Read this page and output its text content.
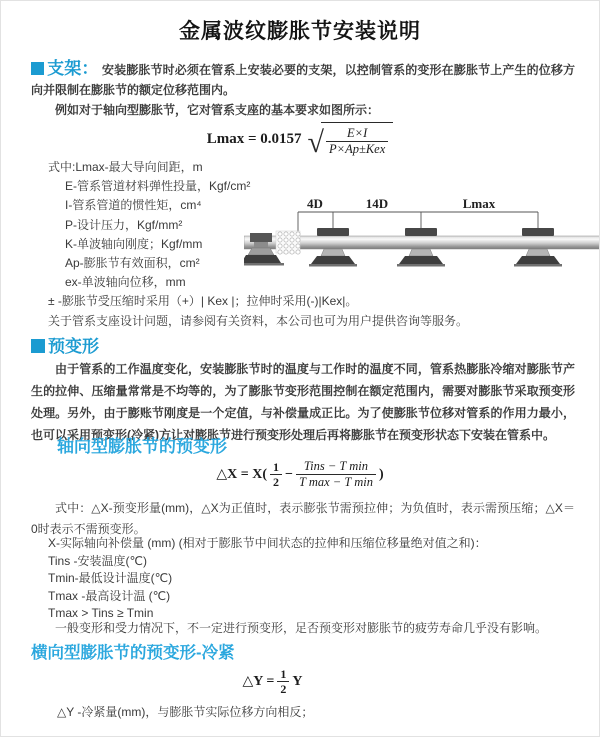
金属波纹膨胀节安装说明
支架： 安装膨胀节时必须在管系上安装必要的支架，以控制管系的变形在膨胀节上产生的位移方向并限制在膨胀节的额定位移范围内。
例如对于轴向型膨胀节，它对管系支座的基本要求如图所示：
Lmax = 0.0157 √ $\frac{E\times I}{\text{P×Ap±Kex}}$
式中:Lmax-最大导向间距，m
E-管系管道材料弹性投量，Kgf/cm²
I-管系管道的惯性矩，cm⁴
P-设计压力，Kgf/mm²
K-单波轴向刚度；Kgf/mm
Ap-膨胀节有效面积，cm²
ex-单波轴向位移，mm
± -膨胀节受压缩时采用（+）| Kex |；拉伸时采用(-)|Kex|。
关于管系支座设计问题，请参阅有关资料，本公司也可为用户提供咨询等服务。
4D	14D	Lmax
预变形
由于管系的工作温度变化，安装膨胀节时的温度与工作时的温度不同，管系热膨胀冷缩对膨胀节产生的拉伸、压缩量常常是不均等的，为了膨胀节变形范围控制在额定范围内，需要对膨胀节采取预变形处理。另外，由于膨账节刚度是一个定值，与补偿量成正比。为了使膨胀节位移对管系的作用力最小，也可以采用预变形(冷紧)方让对膨胀节进行预变形处理后再将膨胀节在预变形状态下安装在管系中。
轴向型膨胀节的预变形
△X = $X( \frac{1}{2} - \frac{\text{Tins − T min}}{\text{T max − T min}}$ )
式中：△X-预变形量(mm)，△X为正值时，表示膨张节需预拉伸；为负值时，表示需预压缩；△X＝0时表示不需预变形。
X-实际轴向补偿量 (mm) (相对于膨胀节中间状态的拉伸和压缩位移量绝对值之和)：
Tins -安装温度(℃)
Tmin-最低设计温度(℃)
Tmax -最高设计温 (℃)
Tmax > Tins ≥ Tmin
一般变形和受力情况下，不一定进行预变形，足否预变形对膨胀节的疲劳寿命几乎没有影响。
横向型膨胀节的预变形-冷紧
△Y = $\frac{1}{2}$ Y
△Y -冷紧量(mm)，与膨胀节实际位移方向相反；
